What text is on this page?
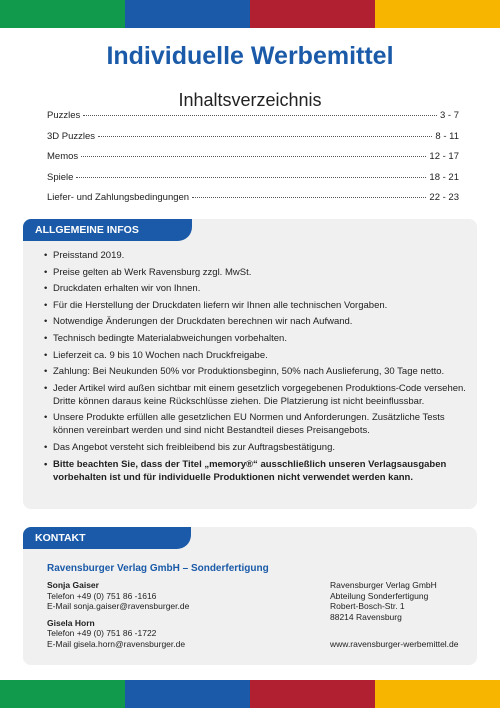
Individuelle Werbemittel
Inhaltsverzeichnis
Puzzles	3 - 7
3D Puzzles	8 - 11
Memos	12 - 17
Spiele	18 - 21
Liefer- und Zahlungsbedingungen	22 - 23
ALLGEMEINE INFOS
• Preisstand 2019.
• Preise gelten ab Werk Ravensburg zzgl. MwSt.
• Druckdaten erhalten wir von Ihnen.
• Für die Herstellung der Druckdaten liefern wir Ihnen alle technischen Vorgaben.
• Notwendige Änderungen der Druckdaten berechnen wir nach Aufwand.
• Technisch bedingte Materialabweichungen vorbehalten.
• Lieferzeit ca. 9 bis 10 Wochen nach Druckfreigabe.
• Zahlung: Bei Neukunden 50% vor Produktionsbeginn, 50% nach Auslieferung, 30 Tage netto.
• Jeder Artikel wird außen sichtbar mit einem gesetzlich vorgegebenen Produktions-Code versehen. Dritte können daraus keine Rückschlüsse ziehen. Die Platzierung ist nicht beeinflussbar.
• Unsere Produkte erfüllen alle gesetzlichen EU Normen und Anforderungen. Zusätzliche Tests können vereinbart werden und sind nicht Bestandteil dieses Preisangebots.
• Das Angebot versteht sich freibleibend bis zur Auftragsbestätigung.
• Bitte beachten Sie, dass der Titel „memory®“ ausschließlich unseren Verlagsausgaben vorbehalten ist und für individuelle Produktionen nicht verwendet werden kann.
KONTAKT
Ravensburger Verlag GmbH – Sonderfertigung
Sonja Gaiser
Telefon +49 (0) 751 86 -1616
E-Mail sonja.gaiser@ravensburger.de
Gisela Horn
Telefon +49 (0) 751 86 -1722
E-Mail gisela.horn@ravensburger.de
Ravensburger Verlag GmbH
Abteilung Sonderfertigung
Robert-Bosch-Str. 1
88214 Ravensburg
www.ravensburger-werbemittel.de
